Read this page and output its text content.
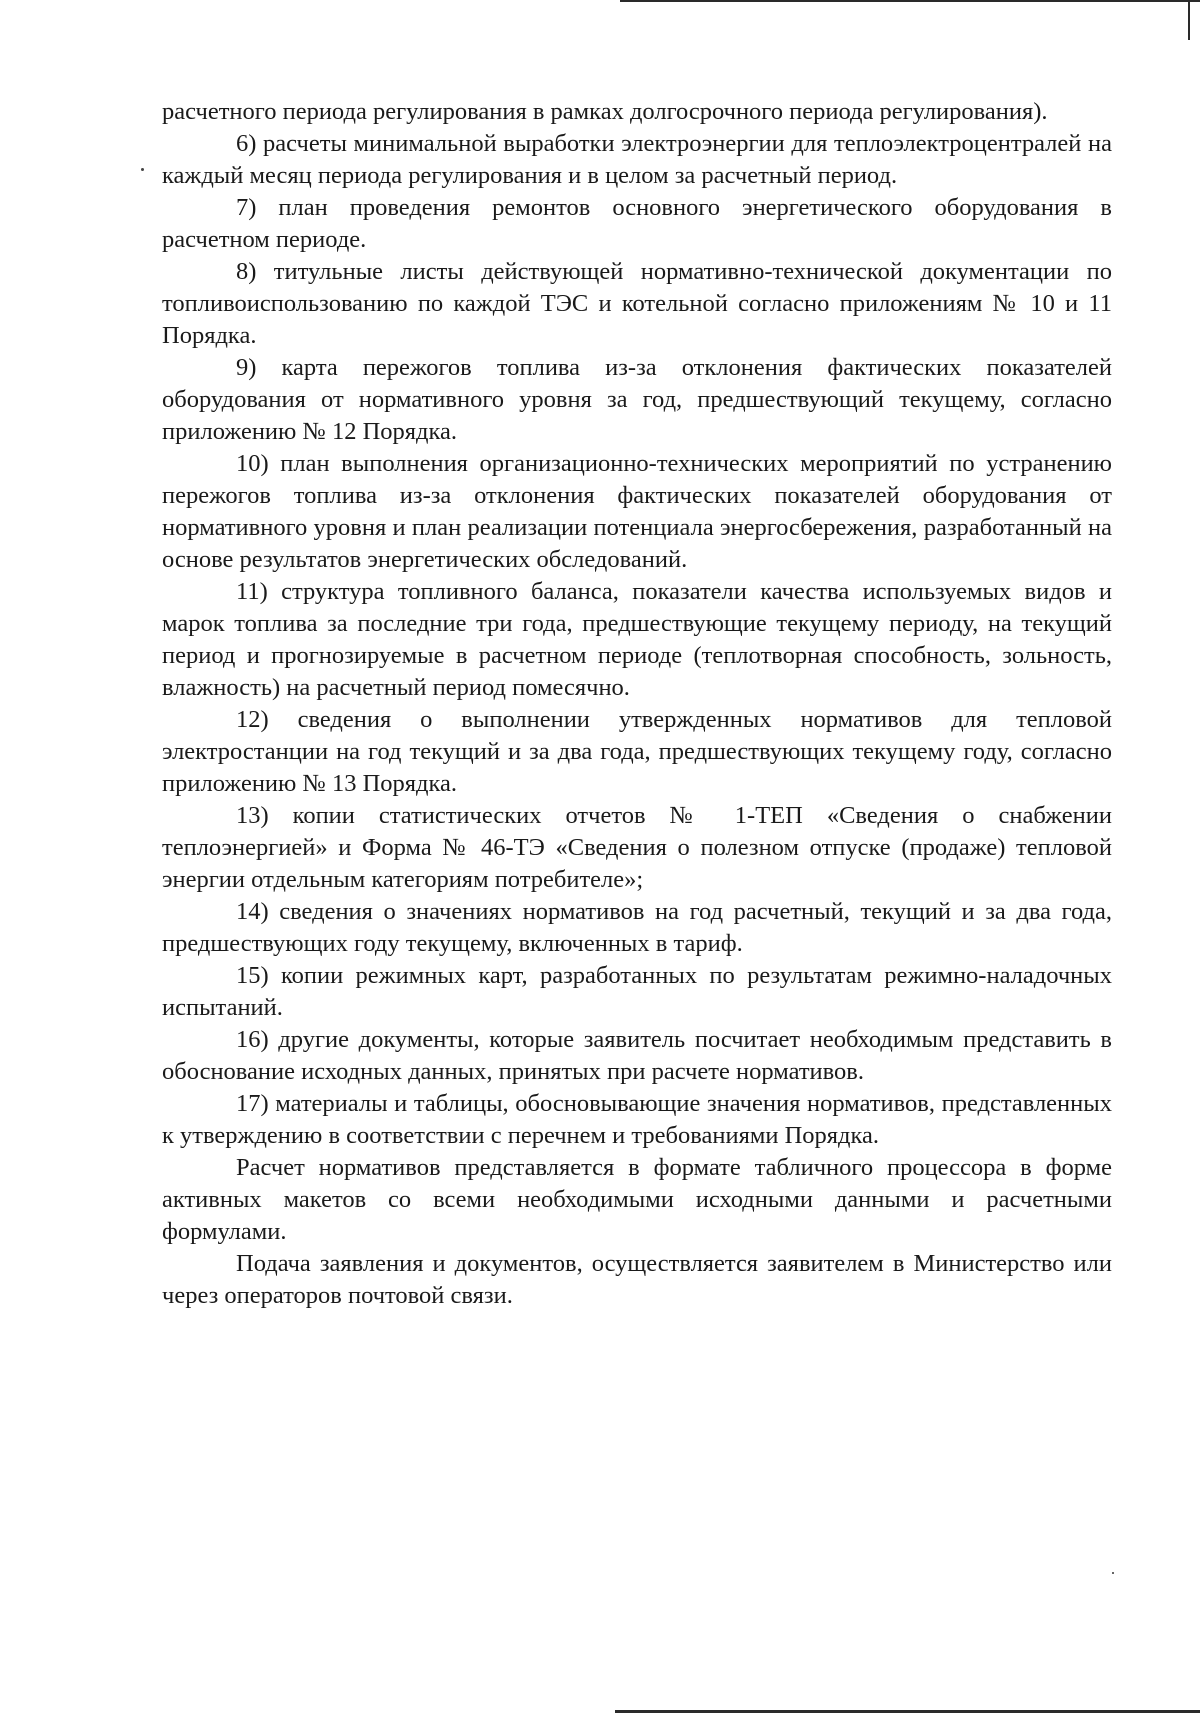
расчетного периода регулирования в рамках долгосрочного периода регулирования).

6) расчеты минимальной выработки электроэнергии для теплоэлектроцентралей на каждый месяц периода регулирования и в целом за расчетный период.

7) план проведения ремонтов основного энергетического оборудования в расчетном периоде.

8) титульные листы действующей нормативно-технической документации по топливоиспользованию по каждой ТЭС и котельной согласно приложениям № 10 и 11 Порядка.

9) карта пережогов топлива из-за отклонения фактических показателей оборудования от нормативного уровня за год, предшествующий текущему, согласно приложению № 12 Порядка.

10) план выполнения организационно-технических мероприятий по устранению пережогов топлива из-за отклонения фактических показателей оборудования от нормативного уровня и план реализации потенциала энергосбережения, разработанный на основе результатов энергетических обследований.

11) структура топливного баланса, показатели качества используемых видов и марок топлива за последние три года, предшествующие текущему периоду, на текущий период и прогнозируемые в расчетном периоде (теплотворная способность, зольность, влажность) на расчетный период помесячно.

12) сведения о выполнении утвержденных нормативов для тепловой электростанции на год текущий и за два года, предшествующих текущему году, согласно приложению № 13 Порядка.

13) копии статистических отчетов № 1-ТЕП «Сведения о снабжении теплоэнергией» и Форма № 46-ТЭ «Сведения о полезном отпуске (продаже) тепловой энергии отдельным категориям потребителе»;

14) сведения о значениях нормативов на год расчетный, текущий и за два года, предшествующих году текущему, включенных в тариф.

15) копии режимных карт, разработанных по результатам режимно-наладочных испытаний.

16) другие документы, которые заявитель посчитает необходимым представить в обоснование исходных данных, принятых при расчете нормативов.

17) материалы и таблицы, обосновывающие значения нормативов, представленных к утверждению в соответствии с перечнем и требованиями Порядка.

Расчет нормативов представляется в формате табличного процессора в форме активных макетов со всеми необходимыми исходными данными и расчетными формулами.

Подача заявления и документов, осуществляется заявителем в Министерство или через операторов почтовой связи.
